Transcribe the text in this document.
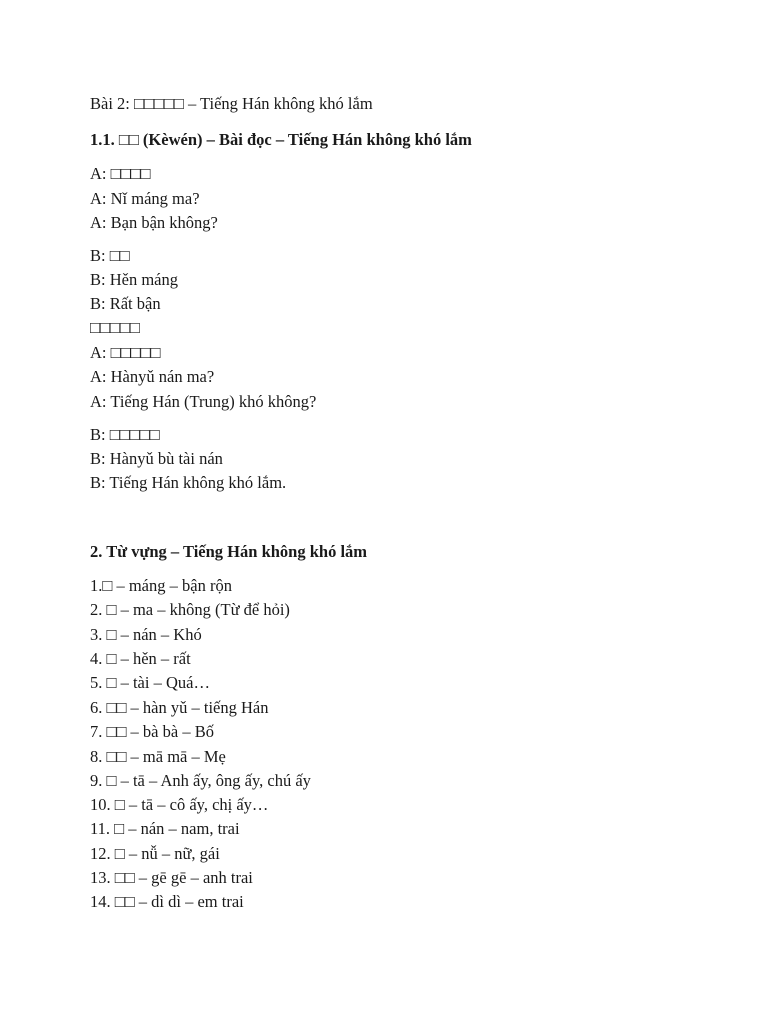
Bài 2: □□□□□ – Tiếng Hán không khó lắm
1.1. □□ (Kèwén) – Bài đọc – Tiếng Hán không khó lắm
A: □□□□
A: Nǐ máng ma?
A: Bạn bận không?
B: □□
B: Hěn máng
B: Rất bận
□□□□□
A: □□□□□
A: Hànyǔ nán ma?
A: Tiếng Hán (Trung) khó không?
B: □□□□□
B: Hànyǔ bù tài nán
B: Tiếng Hán không khó lắm.
2. Từ vựng – Tiếng Hán không khó lắm
1.□ – máng – bận rộn
2. □ – ma – không (Từ để hỏi)
3. □ – nán – Khó
4. □ – hěn – rất
5. □ – tài – Quá…
6. □□ – hàn yǔ – tiếng Hán
7. □□ – bà bà – Bố
8. □□ – mā mā – Mẹ
9. □ – tā – Anh ấy, ông ấy, chú ấy
10. □ – tā – cô ấy, chị ấy…
11. □ – nán – nam, trai
12. □ – nǚ – nữ, gái
13. □□ – gē gē – anh trai
14. □□ – dì dì – em trai
